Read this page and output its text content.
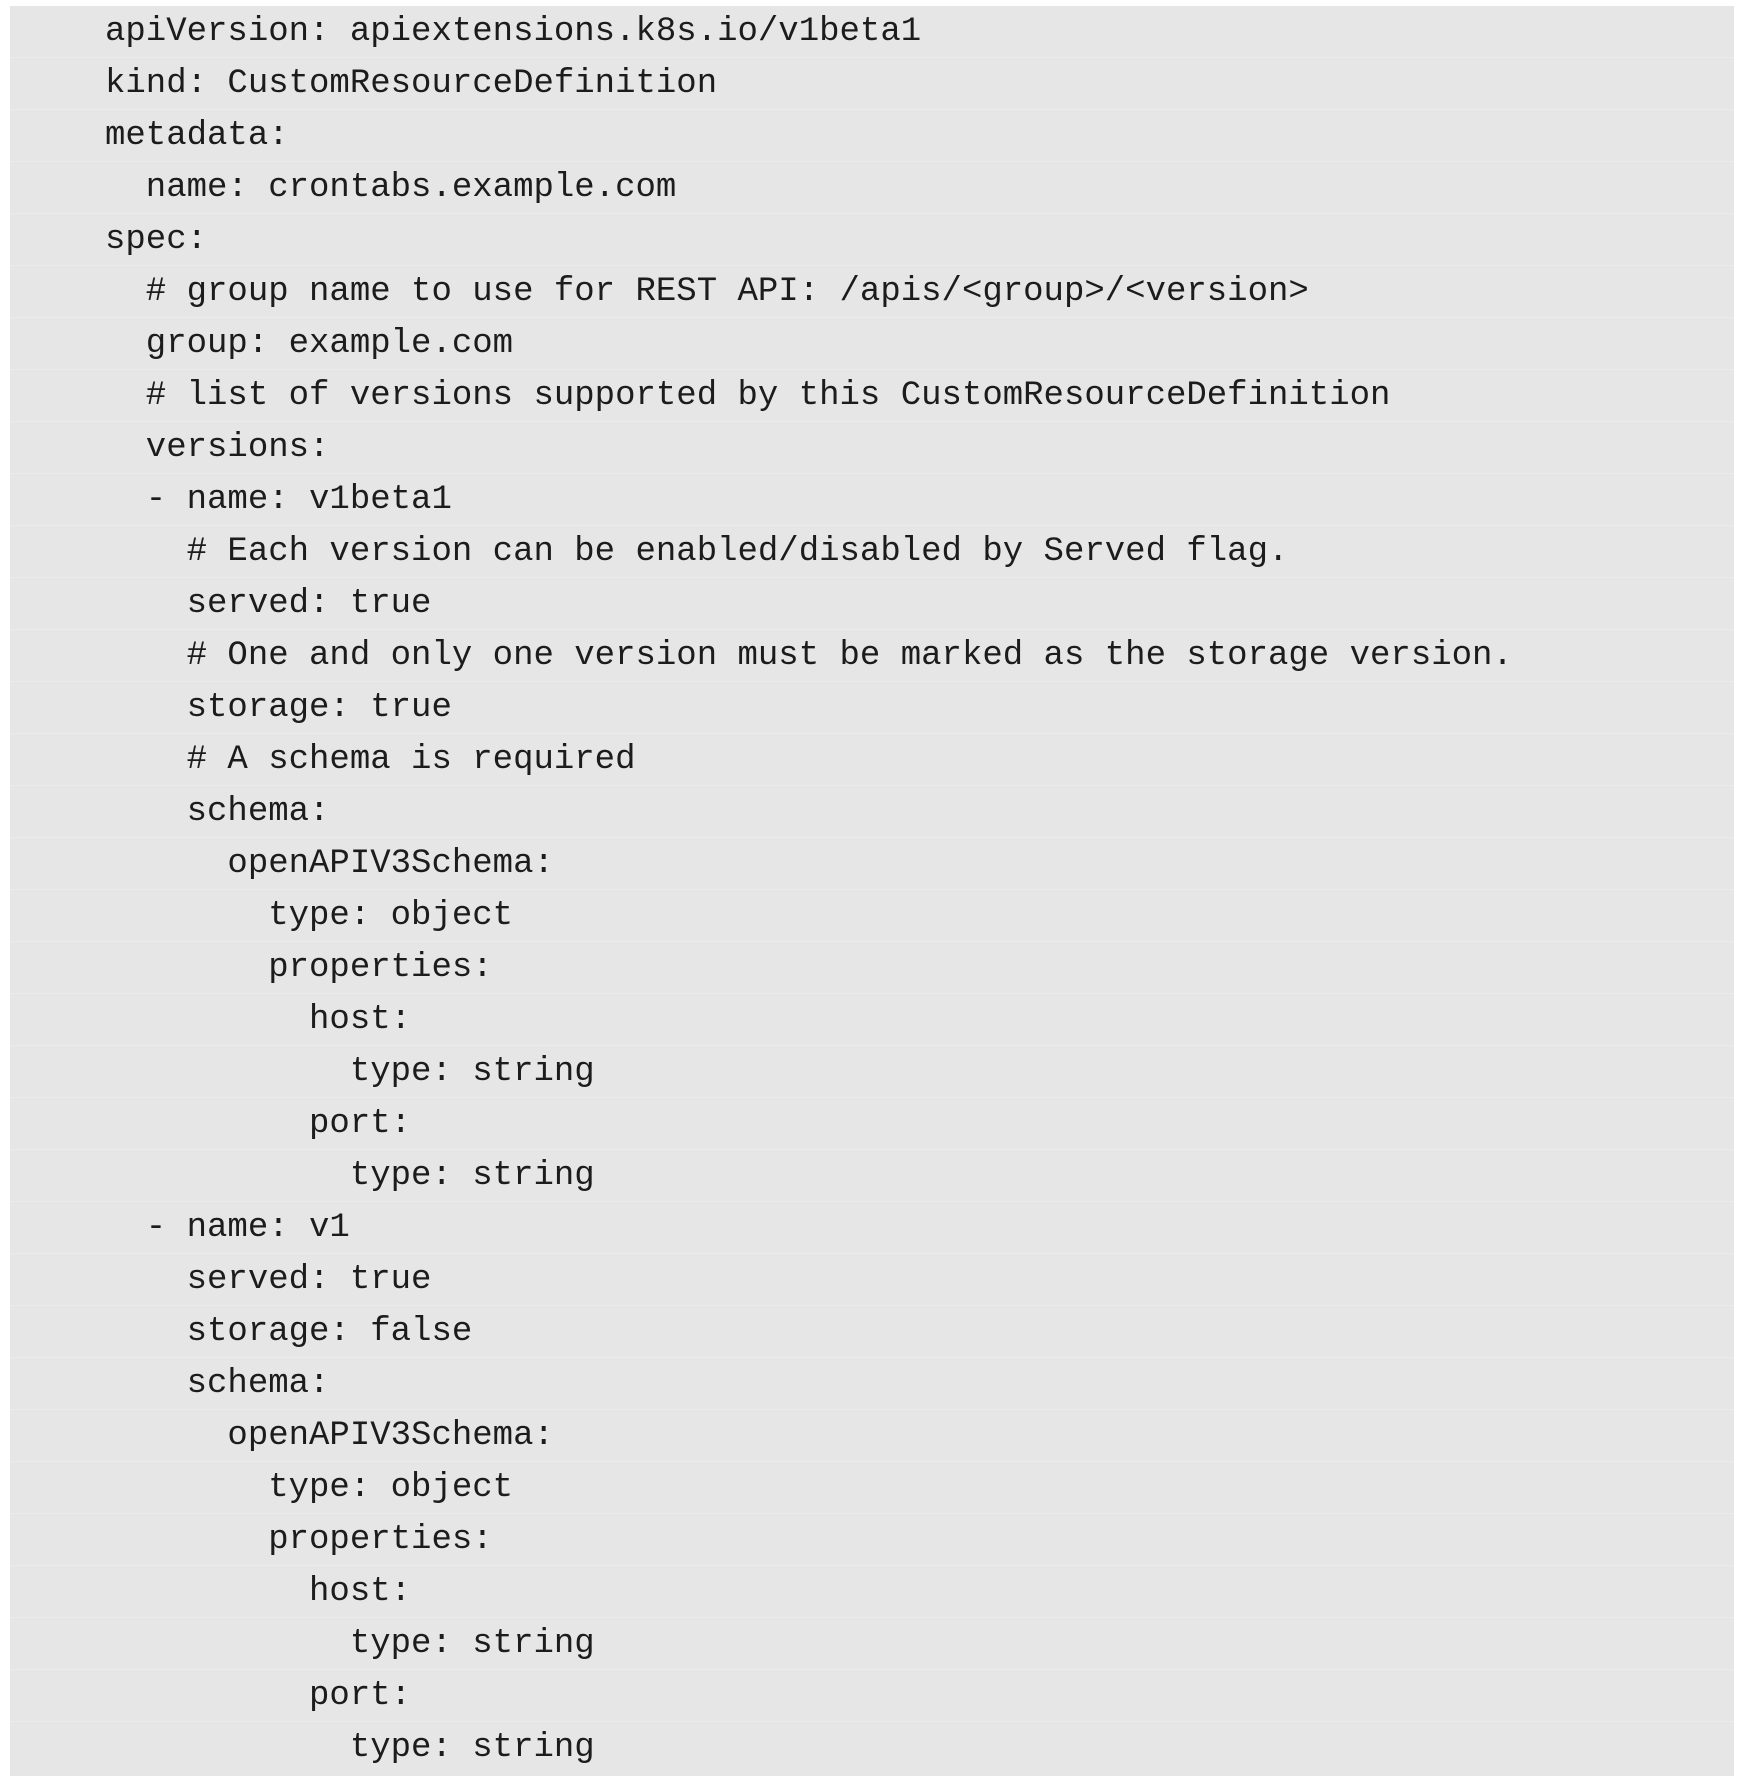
apiVersion: apiextensions.k8s.io/v1beta1
kind: CustomResourceDefinition
metadata:
name: crontabs.example.com
spec:
# group name to use for REST API: /apis/<group>/<version>
group: example.com
# list of versions supported by this CustomResourceDefinition
versions:
- name: v1beta1
# Each version can be enabled/disabled by Served flag.
served: true
# One and only one version must be marked as the storage version.
storage: true
# A schema is required
schema:
openAPIV3Schema:
type: object
properties:
host:
type: string
port:
type: string
- name: v1
served: true
storage: false
schema:
openAPIV3Schema:
type: object
properties:
host:
type: string
port:
type: string
